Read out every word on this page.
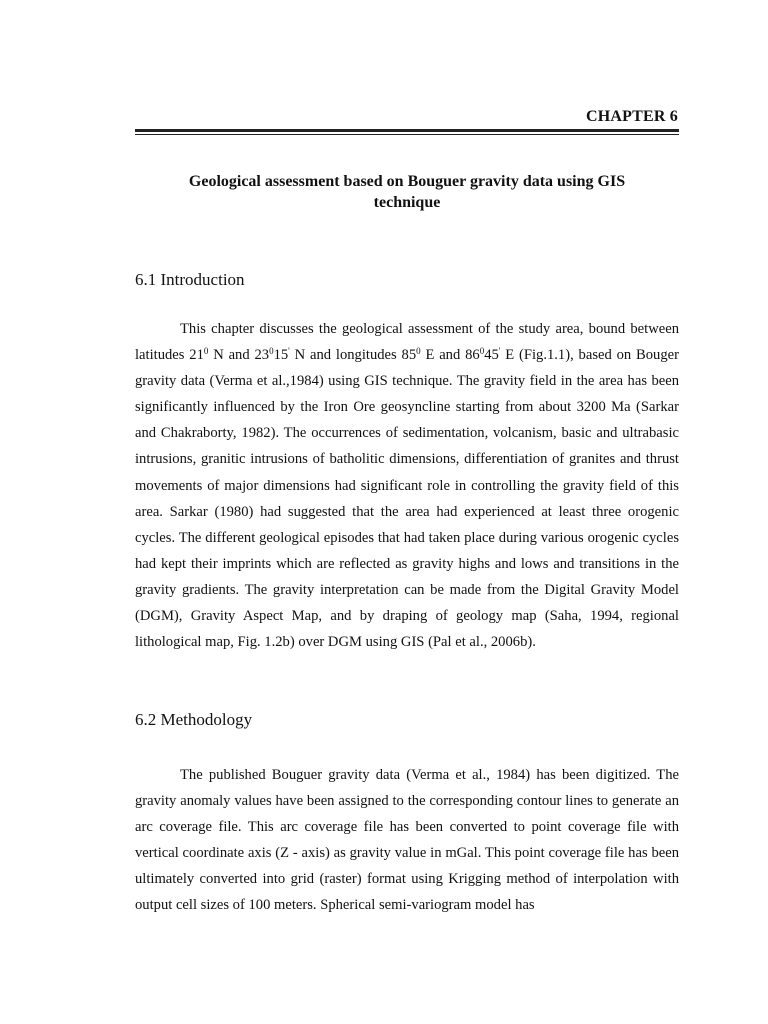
CHAPTER 6
Geological assessment based on Bouguer gravity data using GIS
technique
6.1 Introduction

This chapter discusses the geological assessment of the study area, bound between latitudes $21^0$ N and $23^015'$ N and longitudes $85^0$ E and $86^045'$ E (Fig.1.1), based on Bouger gravity data (Verma et al.,1984) using GIS technique. The gravity field in the area has been significantly influenced by the Iron Ore geosyncline starting from about 3200 Ma (Sarkar and Chakraborty, 1982). The occurrences of sedimentation, volcanism, basic and ultrabasic intrusions, granitic intrusions of batholitic dimensions, differentiation of granites and thrust movements of major dimensions had significant role in controlling the gravity field of this area. Sarkar (1980) had suggested that the area had experienced at least three orogenic cycles. The different geological episodes that had taken place during various orogenic cycles had kept their imprints which are reflected as gravity highs and lows and transitions in the gravity gradients. The gravity interpretation can be made from the Digital Gravity Model (DGM), Gravity Aspect Map, and by draping of geology map (Saha, 1994, regional lithological map, Fig. 1.2b) over DGM using GIS (Pal et al., 2006b).

6.2 Methodology

The published Bouguer gravity data (Verma et al., 1984) has been digitized. The gravity anomaly values have been assigned to the corresponding contour lines to generate an arc coverage file. This arc coverage file has been converted to point coverage file with vertical coordinate axis (Z - axis) as gravity value in mGal. This point coverage file has been ultimately converted into grid (raster) format using Krigging method of interpolation with output cell sizes of 100 meters. Spherical semi-variogram model has
